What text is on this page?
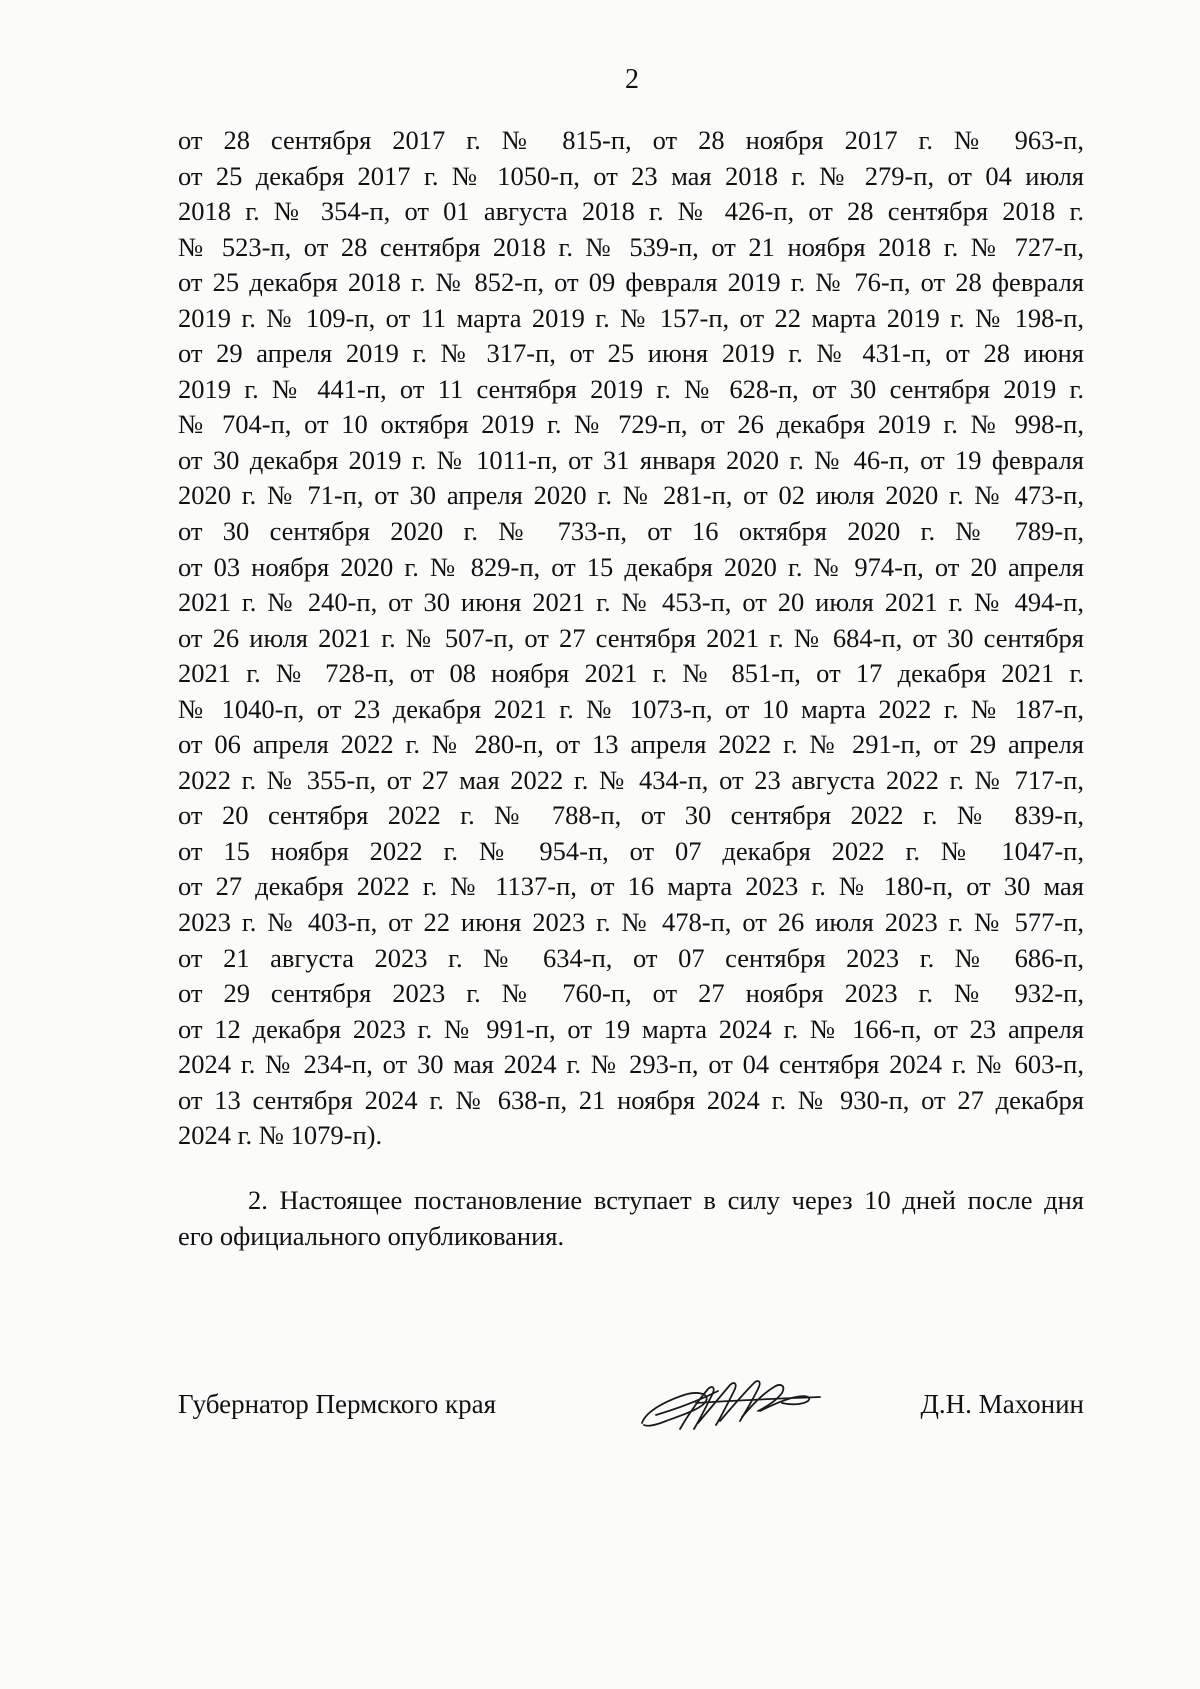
2
от 28 сентября 2017 г. № 815-п, от 28 ноября 2017 г. № 963-п,
от 25 декабря 2017 г. № 1050-п, от 23 мая 2018 г. № 279-п, от 04 июля
2018 г. № 354-п, от 01 августа 2018 г. № 426-п, от 28 сентября 2018 г.
№ 523-п, от 28 сентября 2018 г. № 539-п, от 21 ноября 2018 г. № 727-п,
от 25 декабря 2018 г. № 852-п, от 09 февраля 2019 г. № 76-п, от 28 февраля
2019 г. № 109-п, от 11 марта 2019 г. № 157-п, от 22 марта 2019 г. № 198-п,
от 29 апреля 2019 г. № 317-п, от 25 июня 2019 г. № 431-п, от 28 июня
2019 г. № 441-п, от 11 сентября 2019 г. № 628-п, от 30 сентября 2019 г.
№ 704-п, от 10 октября 2019 г. № 729-п, от 26 декабря 2019 г. № 998-п,
от 30 декабря 2019 г. № 1011-п, от 31 января 2020 г. № 46-п, от 19 февраля
2020 г. № 71-п, от 30 апреля 2020 г. № 281-п, от 02 июля 2020 г. № 473-п,
от 30 сентября 2020 г. № 733-п, от 16 октября 2020 г. № 789-п,
от 03 ноября 2020 г. № 829-п, от 15 декабря 2020 г. № 974-п, от 20 апреля
2021 г. № 240-п, от 30 июня 2021 г. № 453-п, от 20 июля 2021 г. № 494-п,
от 26 июля 2021 г. № 507-п, от 27 сентября 2021 г. № 684-п, от 30 сентября
2021 г. № 728-п, от 08 ноября 2021 г. № 851-п, от 17 декабря 2021 г.
№ 1040-п, от 23 декабря 2021 г. № 1073-п, от 10 марта 2022 г. № 187-п,
от 06 апреля 2022 г. № 280-п, от 13 апреля 2022 г. № 291-п, от 29 апреля
2022 г. № 355-п, от 27 мая 2022 г. № 434-п, от 23 августа 2022 г. № 717-п,
от 20 сентября 2022 г. № 788-п, от 30 сентября 2022 г. № 839-п,
от 15 ноября 2022 г. № 954-п, от 07 декабря 2022 г. № 1047-п,
от 27 декабря 2022 г. № 1137-п, от 16 марта 2023 г. № 180-п, от 30 мая
2023 г. № 403-п, от 22 июня 2023 г. № 478-п, от 26 июля 2023 г. № 577-п,
от 21 августа 2023 г. № 634-п, от 07 сентября 2023 г. № 686-п,
от 29 сентября 2023 г. № 760-п, от 27 ноября 2023 г. № 932-п,
от 12 декабря 2023 г. № 991-п, от 19 марта 2024 г. № 166-п, от 23 апреля
2024 г. № 234-п, от 30 мая 2024 г. № 293-п, от 04 сентября 2024 г. № 603-п,
от 13 сентября 2024 г. № 638-п, 21 ноября 2024 г. № 930-п, от 27 декабря
2024 г. № 1079-п).
2. Настоящее постановление вступает в силу через 10 дней после дня
его официального опубликования.
Губернатор Пермского края	Д.Н. Махонин
